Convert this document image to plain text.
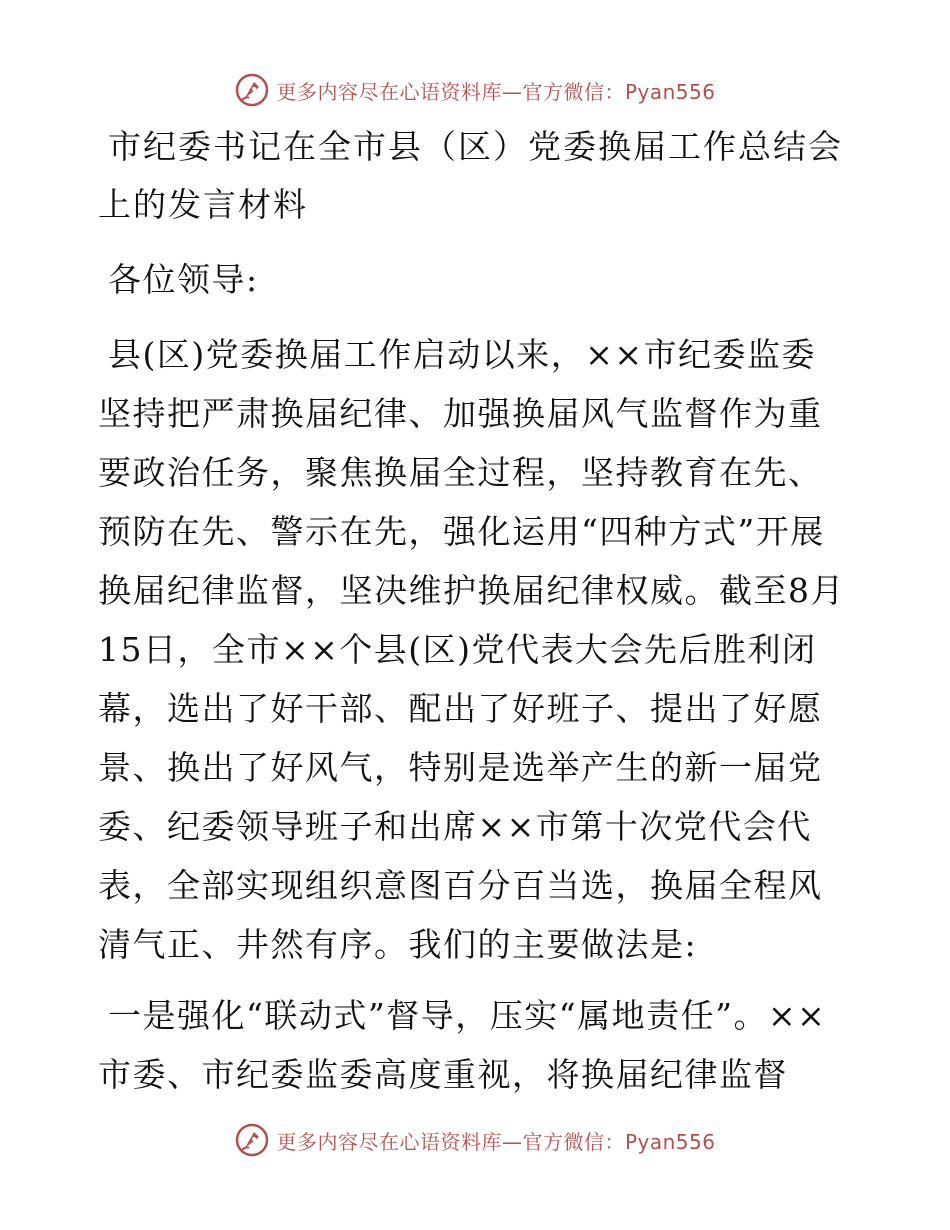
更多内容尽在心语资料库—官方微信：Pyan556

市纪委书记在全市县（区）党委换届工作总结会上的发言材料

各位领导:

县(区)党委换届工作启动以来，××市纪委监委坚持把严肃换届纪律、加强换届风气监督作为重要政治任务，聚焦换届全过程，坚持教育在先、预防在先、警示在先，强化运用“四种方式”开展换届纪律监督，坚决维护换届纪律权威。截至8月15日，全市××个县(区)党代表大会先后胜利闭幕，选出了好干部、配出了好班子、提出了好愿景、换出了好风气，特别是选举产生的新一届党委、纪委领导班子和出席××市第十次党代会代表，全部实现组织意图百分百当选，换届全程风清气正、井然有序。我们的主要做法是:

一是强化“联动式”督导，压实“属地责任”。××市委、市纪委监委高度重视，将换届纪律监督

更多内容尽在心语资料库—官方微信：Pyan556
